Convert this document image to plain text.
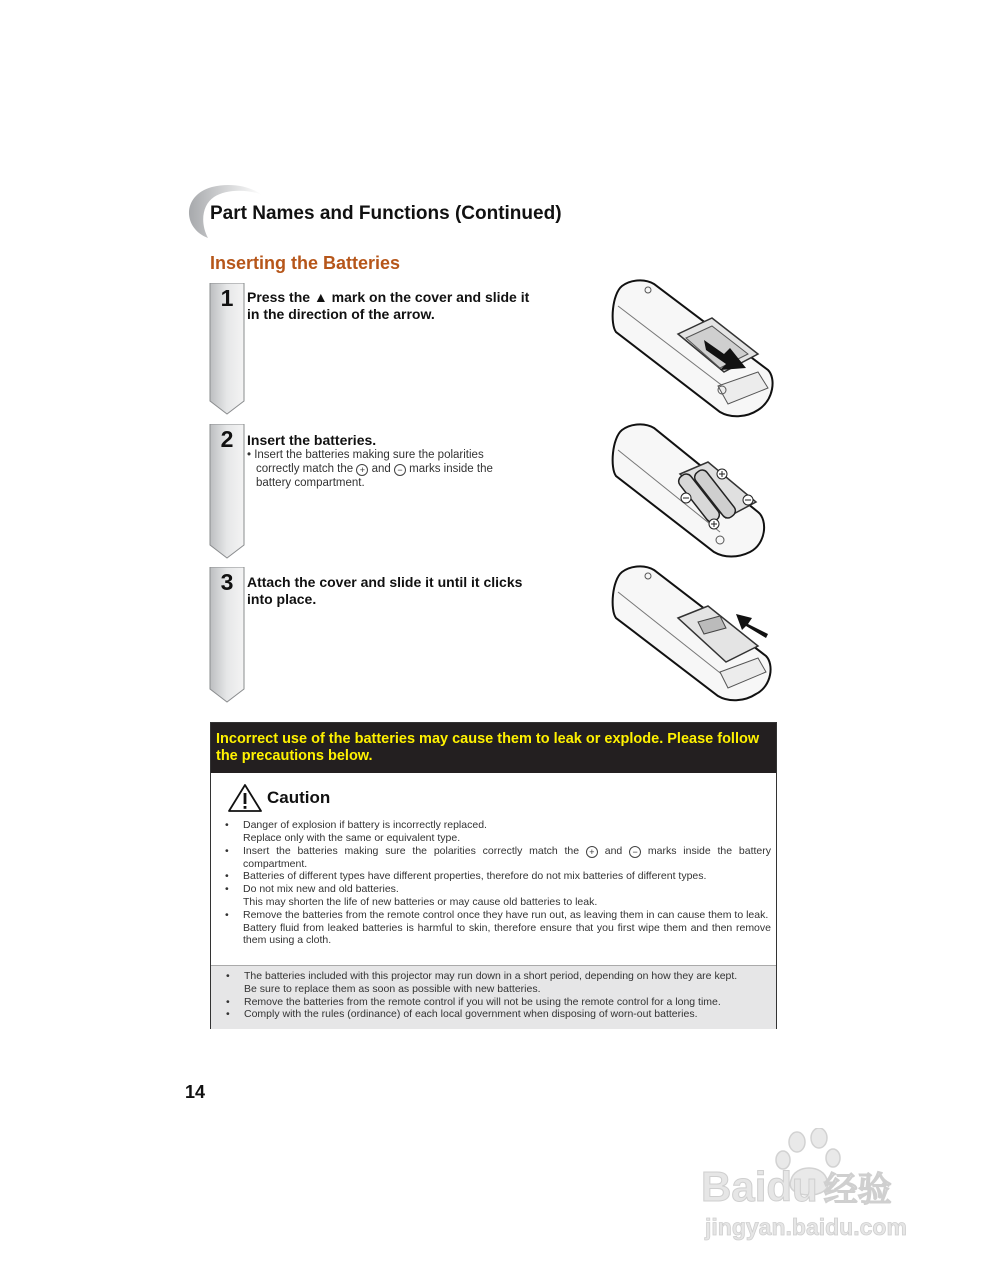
Part Names and Functions (Continued)
Inserting the Batteries
1 Press the ▲ mark on the cover and slide it
in the direction of the arrow.
2 Insert the batteries.
• Insert the batteries making sure the polarities
correctly match the + and − marks inside the
battery compartment.
3 Attach the cover and slide it until it clicks
into place.
Incorrect use of the batteries may cause them to leak or explode. Please follow the precautions below.
Caution
• Danger of explosion if battery is incorrectly replaced.
Replace only with the same or equivalent type.
• Insert the batteries making sure the polarities correctly match the + and − marks inside the battery compartment.
• Batteries of different types have different properties, therefore do not mix batteries of different types.
• Do not mix new and old batteries.
This may shorten the life of new batteries or may cause old batteries to leak.
• Remove the batteries from the remote control once they have run out, as leaving them in can cause them to leak.
Battery fluid from leaked batteries is harmful to skin, therefore ensure that you first wipe them and then remove them using a cloth.
• The batteries included with this projector may run down in a short period, depending on how they are kept.
Be sure to replace them as soon as possible with new batteries.
• Remove the batteries from the remote control if you will not be using the remote control for a long time.
• Comply with the rules (ordinance) of each local government when disposing of worn-out batteries.
14
Baidu 经验
jingyan.baidu.com
